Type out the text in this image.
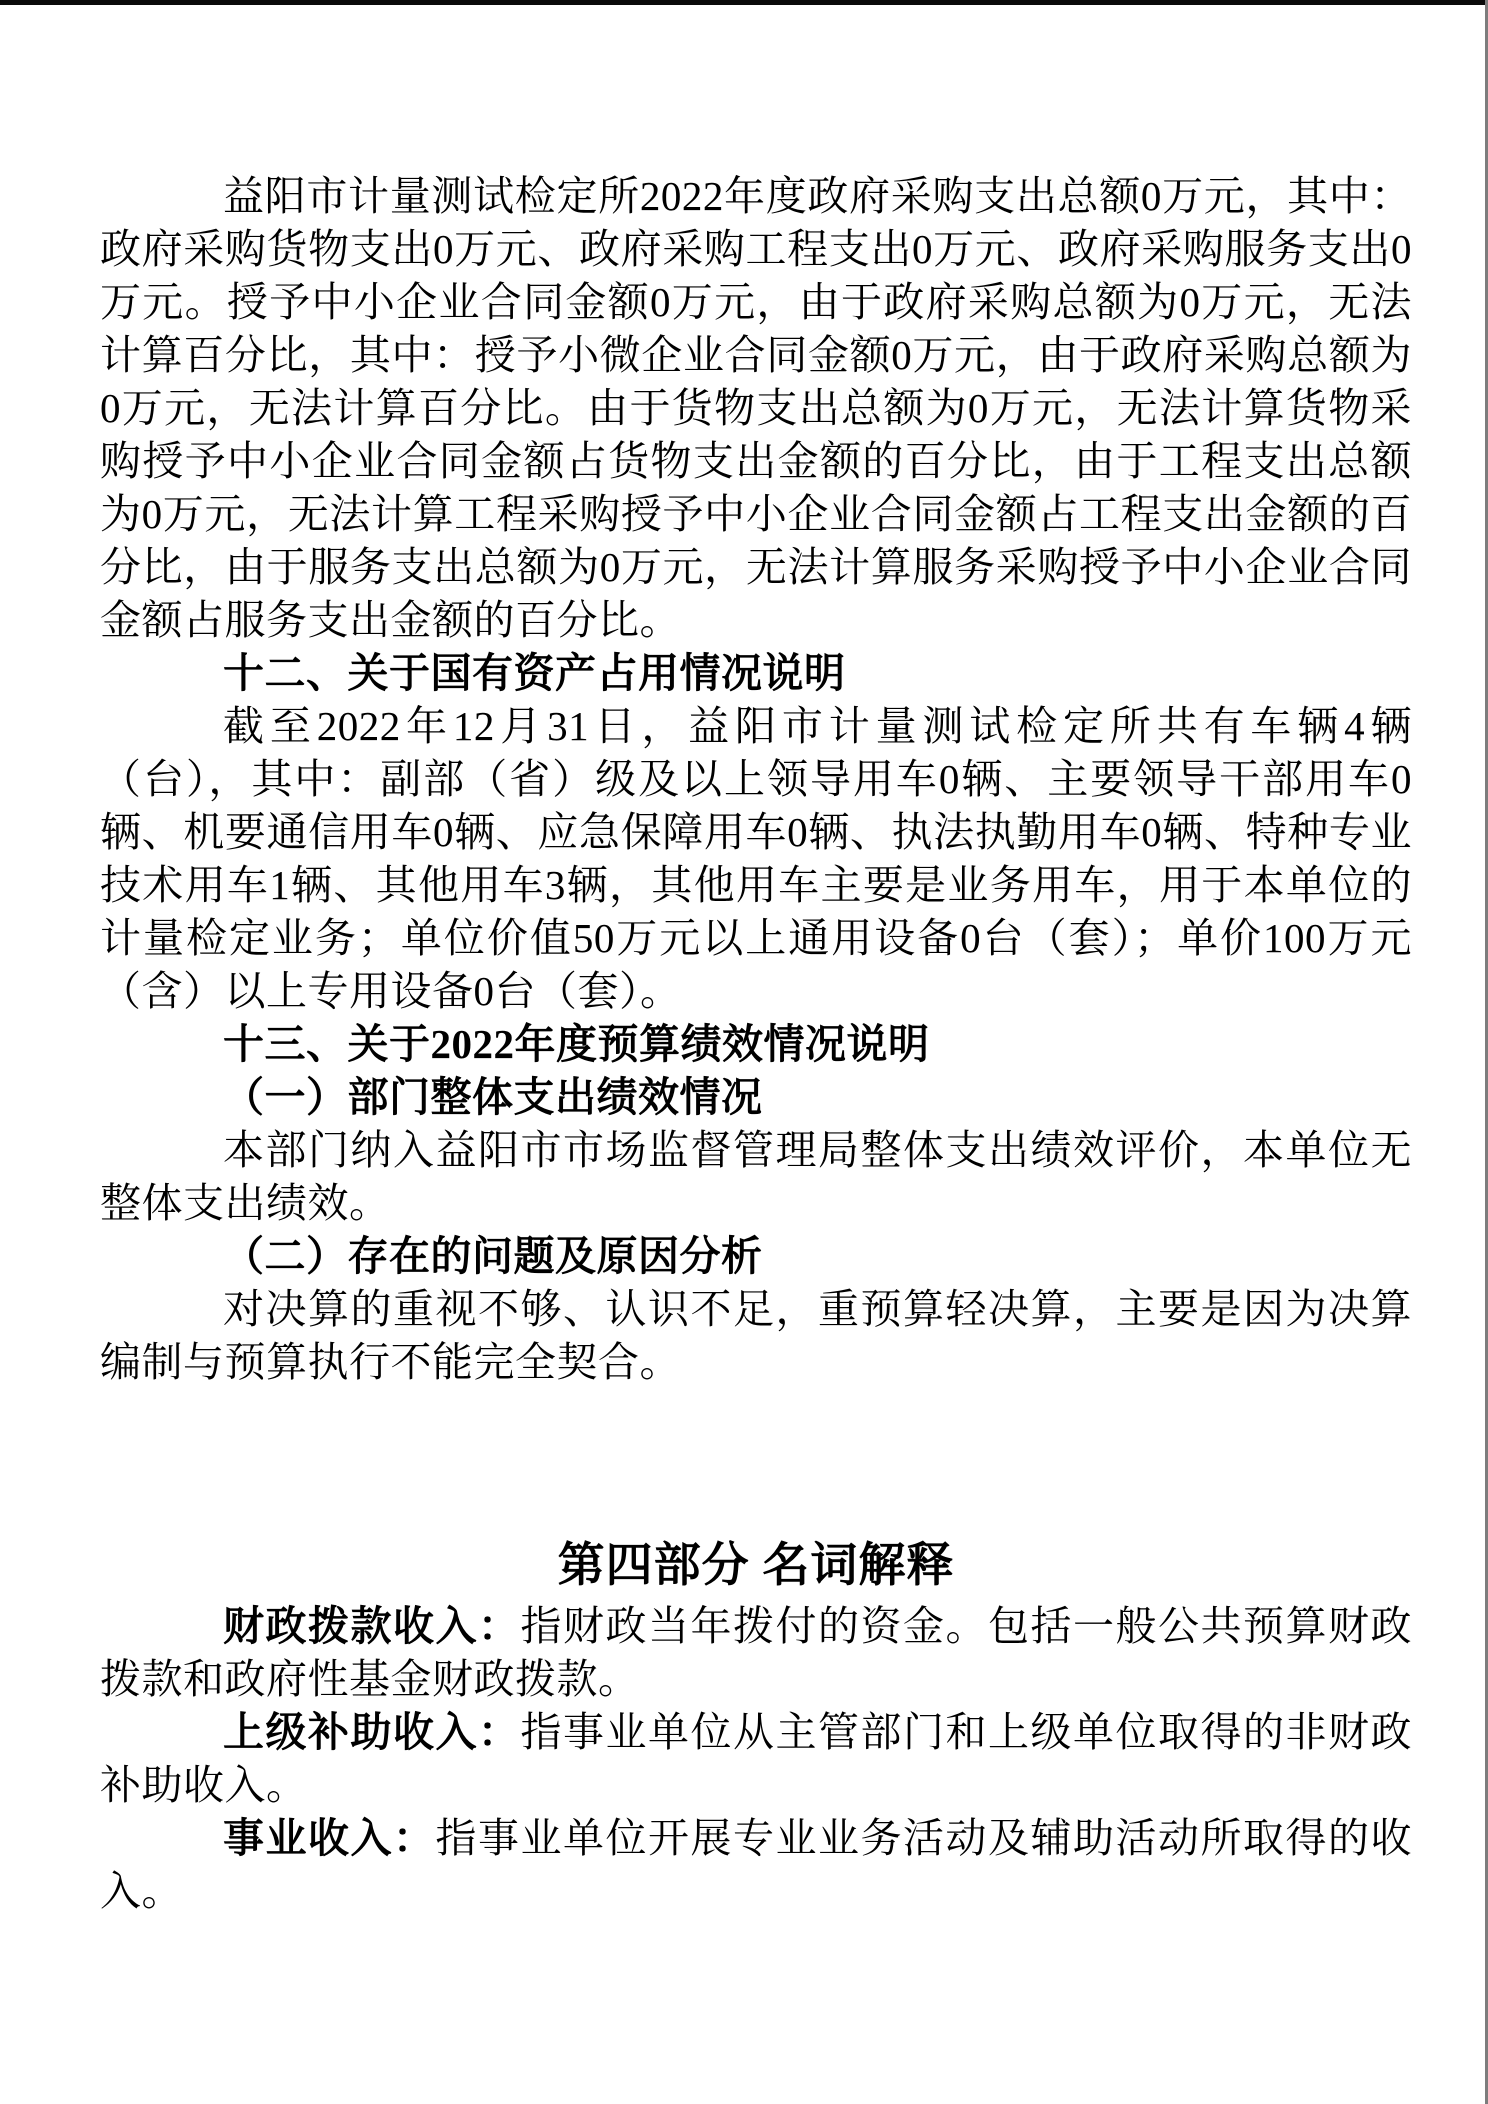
益阳市计量测试检定所2022年度政府采购支出总额0万元，其中：政府采购货物支出0万元、政府采购工程支出0万元、政府采购服务支出0万元。授予中小企业合同金额0万元，由于政府采购总额为0万元，无法计算百分比，其中：授予小微企业合同金额0万元，由于政府采购总额为0万元，无法计算百分比。由于货物支出总额为0万元，无法计算货物采购授予中小企业合同金额占货物支出金额的百分比，由于工程支出总额为0万元，无法计算工程采购授予中小企业合同金额占工程支出金额的百分比，由于服务支出总额为0万元，无法计算服务采购授予中小企业合同金额占服务支出金额的百分比。

十二、关于国有资产占用情况说明

截至2022年12月31日，益阳市计量测试检定所共有车辆4辆（台），其中：副部（省）级及以上领导用车0辆、主要领导干部用车0辆、机要通信用车0辆、应急保障用车0辆、执法执勤用车0辆、特种专业技术用车1辆、其他用车3辆，其他用车主要是业务用车，用于本单位的计量检定业务；单位价值50万元以上通用设备0台（套）；单价100万元（含）以上专用设备0台（套）。

十三、关于2022年度预算绩效情况说明

（一）部门整体支出绩效情况

本部门纳入益阳市市场监督管理局整体支出绩效评价，本单位无整体支出绩效。

（二）存在的问题及原因分析

对决算的重视不够、认识不足，重预算轻决算，主要是因为决算编制与预算执行不能完全契合。

第四部分 名词解释

财政拨款收入：指财政当年拨付的资金。包括一般公共预算财政拨款和政府性基金财政拨款。

上级补助收入：指事业单位从主管部门和上级单位取得的非财政补助收入。

事业收入：指事业单位开展专业业务活动及辅助活动所取得的收入。
